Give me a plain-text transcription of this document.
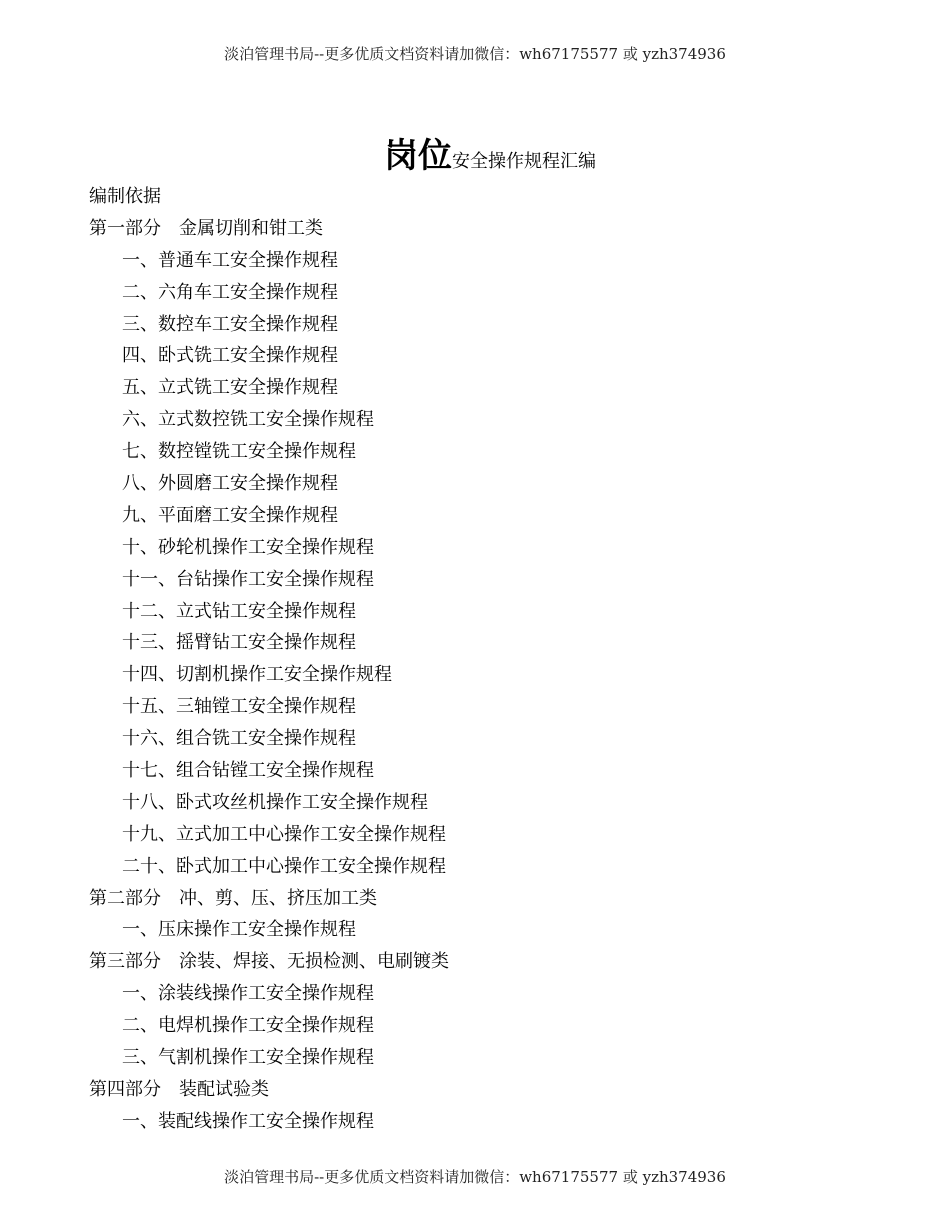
淡泊管理书局--更多优质文档资料请加微信：wh67175577 或 yzh374936
岗位安全操作规程汇编
编制依据
第一部分　金属切削和钳工类
一、普通车工安全操作规程
二、六角车工安全操作规程
三、数控车工安全操作规程
四、卧式铣工安全操作规程
五、立式铣工安全操作规程
六、立式数控铣工安全操作规程
七、数控镗铣工安全操作规程
八、外圆磨工安全操作规程
九、平面磨工安全操作规程
十、砂轮机操作工安全操作规程
十一、台钻操作工安全操作规程
十二、立式钻工安全操作规程
十三、摇臂钻工安全操作规程
十四、切割机操作工安全操作规程
十五、三轴镗工安全操作规程
十六、组合铣工安全操作规程
十七、组合钻镗工安全操作规程
十八、卧式攻丝机操作工安全操作规程
十九、立式加工中心操作工安全操作规程
二十、卧式加工中心操作工安全操作规程
第二部分　冲、剪、压、挤压加工类
一、压床操作工安全操作规程
第三部分　涂装、焊接、无损检测、电刷镀类
一、涂装线操作工安全操作规程
二、电焊机操作工安全操作规程
三、气割机操作工安全操作规程
第四部分　装配试验类
一、装配线操作工安全操作规程
淡泊管理书局--更多优质文档资料请加微信：wh67175577 或 yzh374936
